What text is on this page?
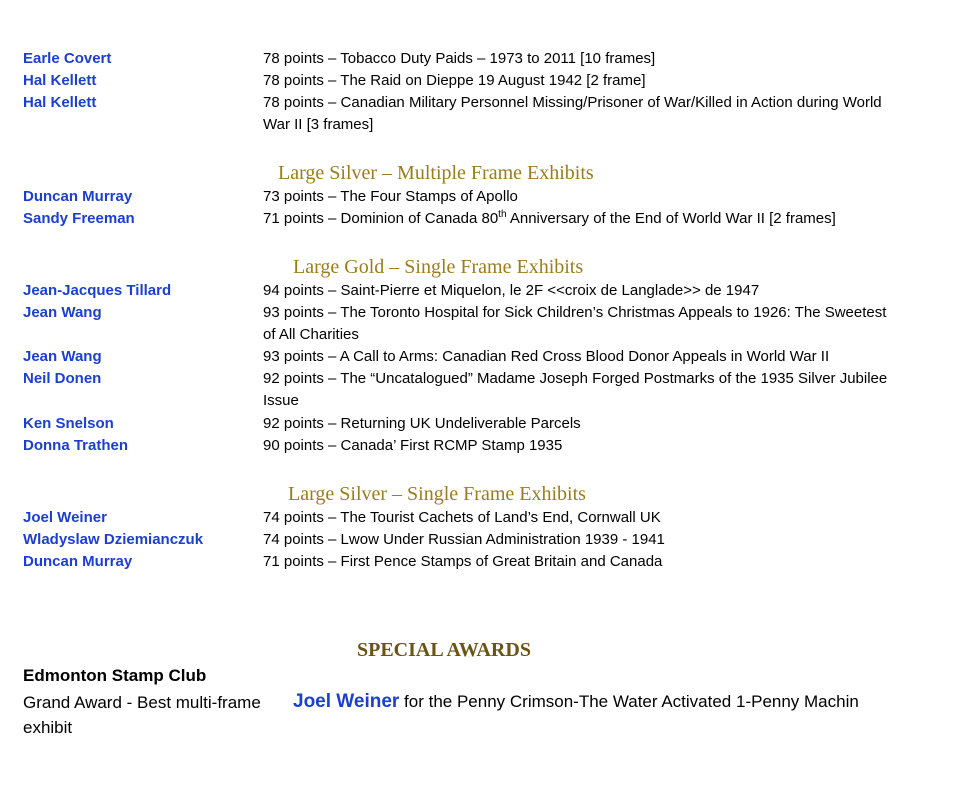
Earle Covert	78 points – Tobacco Duty Paids – 1973 to 2011 [10 frames]
Hal Kellett	78 points – The Raid on Dieppe 19 August 1942 [2 frame]
Hal Kellett	78 points – Canadian Military Personnel Missing/Prisoner of War/Killed in Action during World War II [3 frames]
Large Silver – Multiple Frame Exhibits
Duncan Murray	73 points – The Four Stamps of Apollo
Sandy Freeman	71 points – Dominion of Canada 80th Anniversary of the End of World War II [2 frames]
Large Gold – Single Frame Exhibits
Jean-Jacques Tillard	94 points – Saint-Pierre et Miquelon, le 2F <<croix de Langlade>> de 1947
Jean Wang	93 points – The Toronto Hospital for Sick Children’s Christmas Appeals to 1926: The Sweetest of All Charities
Jean Wang	93 points – A Call to Arms: Canadian Red Cross Blood Donor Appeals in World War II
Neil Donen	92 points – The “Uncatalogued” Madame Joseph Forged Postmarks of the 1935 Silver Jubilee Issue
Ken Snelson	92 points – Returning UK Undeliverable Parcels
Donna Trathen	90 points – Canada’ First RCMP Stamp 1935
Large Silver – Single Frame Exhibits
Joel Weiner	74 points – The Tourist Cachets of Land’s End, Cornwall UK
Wladyslaw Dziemianczuk	74 points – Lwow Under Russian Administration 1939 - 1941
Duncan Murray	71 points – First Pence Stamps of Great Britain and Canada
SPECIAL AWARDS
Edmonton Stamp Club
Grand Award - Best multi-frame exhibit
Joel Weiner for the Penny Crimson-The Water Activated 1-Penny Machin
